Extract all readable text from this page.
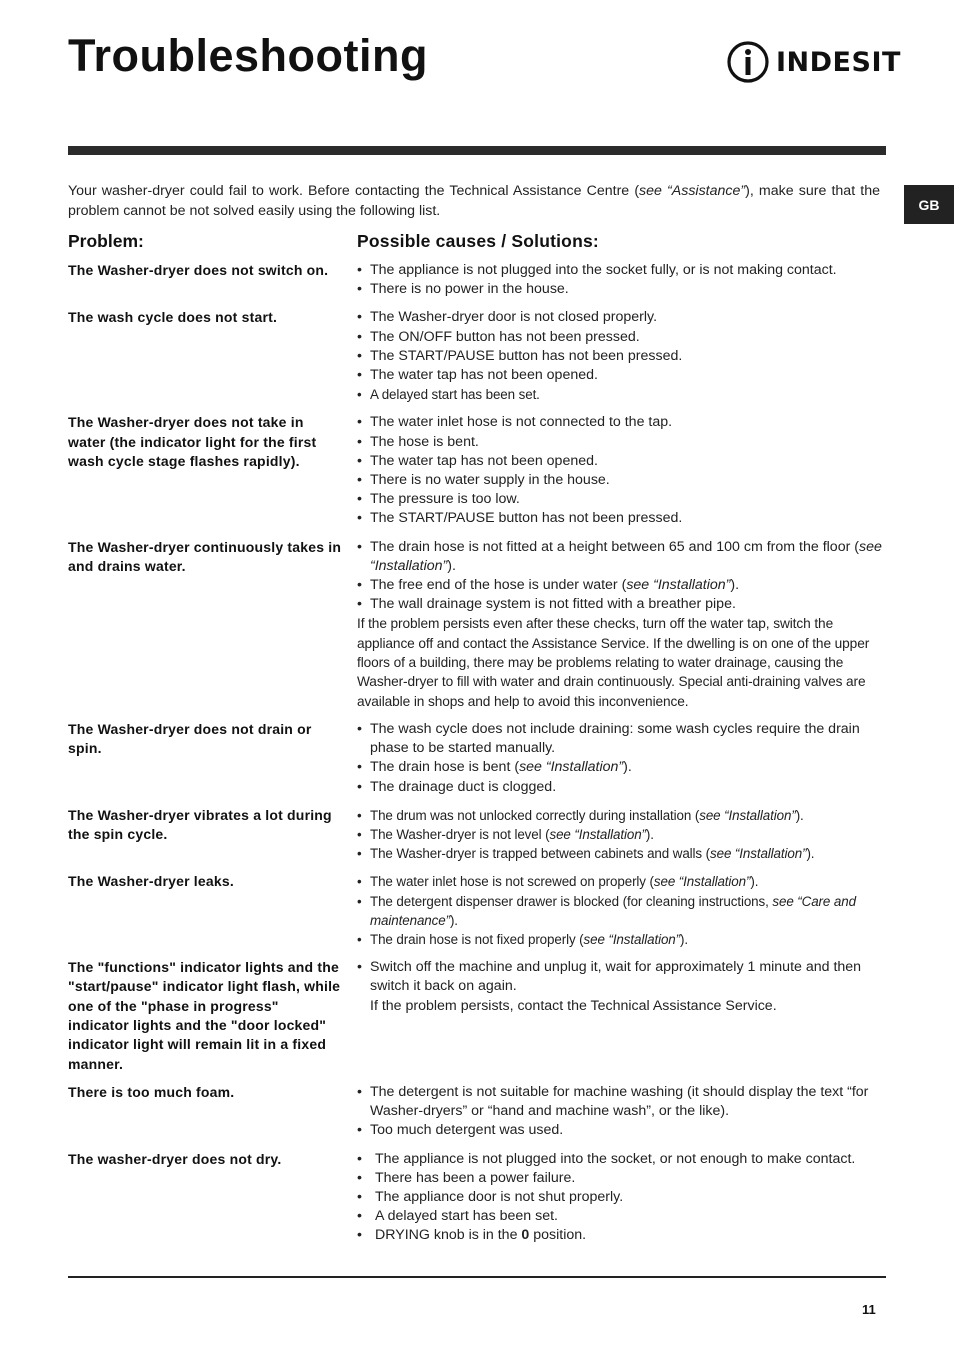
Troubleshooting	INDESIT
GB
Your washer-dryer could fail to work. Before contacting the Technical Assistance Centre (see “Assistance”), make sure that the problem cannot be not solved easily using the following list.
Problem:	Possible causes / Solutions:
The Washer-dryer does not switch on.	• The appliance is not plugged into the socket fully, or is not making contact.
• There is no power in the house.
The wash cycle does not start.	• The Washer-dryer door is not closed properly.
• The ON/OFF button has not been pressed.
• The START/PAUSE button has not been pressed.
• The water tap has not been opened.
• A delayed start has been set.
The Washer-dryer does not take in water (the indicator light for the first wash cycle stage flashes rapidly).
• The water inlet hose is not connected to the tap.
• The hose is bent.
• The water tap has not been opened.
• There is no water supply in the house.
• The pressure is too low.
• The START/PAUSE button has not been pressed.
The Washer-dryer continuously takes in and drains water.
• The drain hose is not fitted at a height between 65 and 100 cm from the floor (see “Installation”).
• The free end of the hose is under water (see “Installation”).
• The wall drainage system is not fitted with a breather pipe.

If the problem persists even after these checks, turn off the water tap, switch the appliance off and contact the Assistance Service. If the dwelling is on one of the upper floors of a building, there may be problems relating to water drainage, causing the Washer-dryer to fill with water and drain continuously. Special anti-draining valves are available in shops and help to avoid this inconvenience.

The Washer-dryer does not drain or spin.
• The wash cycle does not include draining: some wash cycles require the drain phase to be started manually.
• The drain hose is bent (see “Installation”).
• The drainage duct is clogged.
The Washer-dryer vibrates a lot during the spin cycle.
• The drum was not unlocked correctly during installation (see “Installation”).
• The Washer-dryer is not level (see “Installation”).
• The Washer-dryer is trapped between cabinets and walls (see “Installation”).
The Washer-dryer leaks.	• The water inlet hose is not screwed on properly (see “Installation”).
• The detergent dispenser drawer is blocked (for cleaning instructions, see “Care and maintenance”).
• The drain hose is not fixed properly (see “Installation”).
The "functions" indicator lights and the "start/pause" indicator light flash, while one of the "phase in progress" indicator lights and the "door locked" indicator light will remain lit in a fixed manner.
• Switch off the machine and unplug it, wait for approximately 1 minute and then switch it back on again.
If the problem persists, contact the Technical Assistance Service.
There is too much foam.	• The detergent is not suitable for machine washing (it should display the text “for Washer-dryers” or “hand and machine wash”, or the like).
• Too much detergent was used.
The washer-dryer does not dry.	• The appliance is not plugged into the socket, or not enough to make contact.
• There has been a power failure.
• The appliance door is not shut properly.
• A delayed start has been set.
• DRYING knob is in the 0 position.
11
